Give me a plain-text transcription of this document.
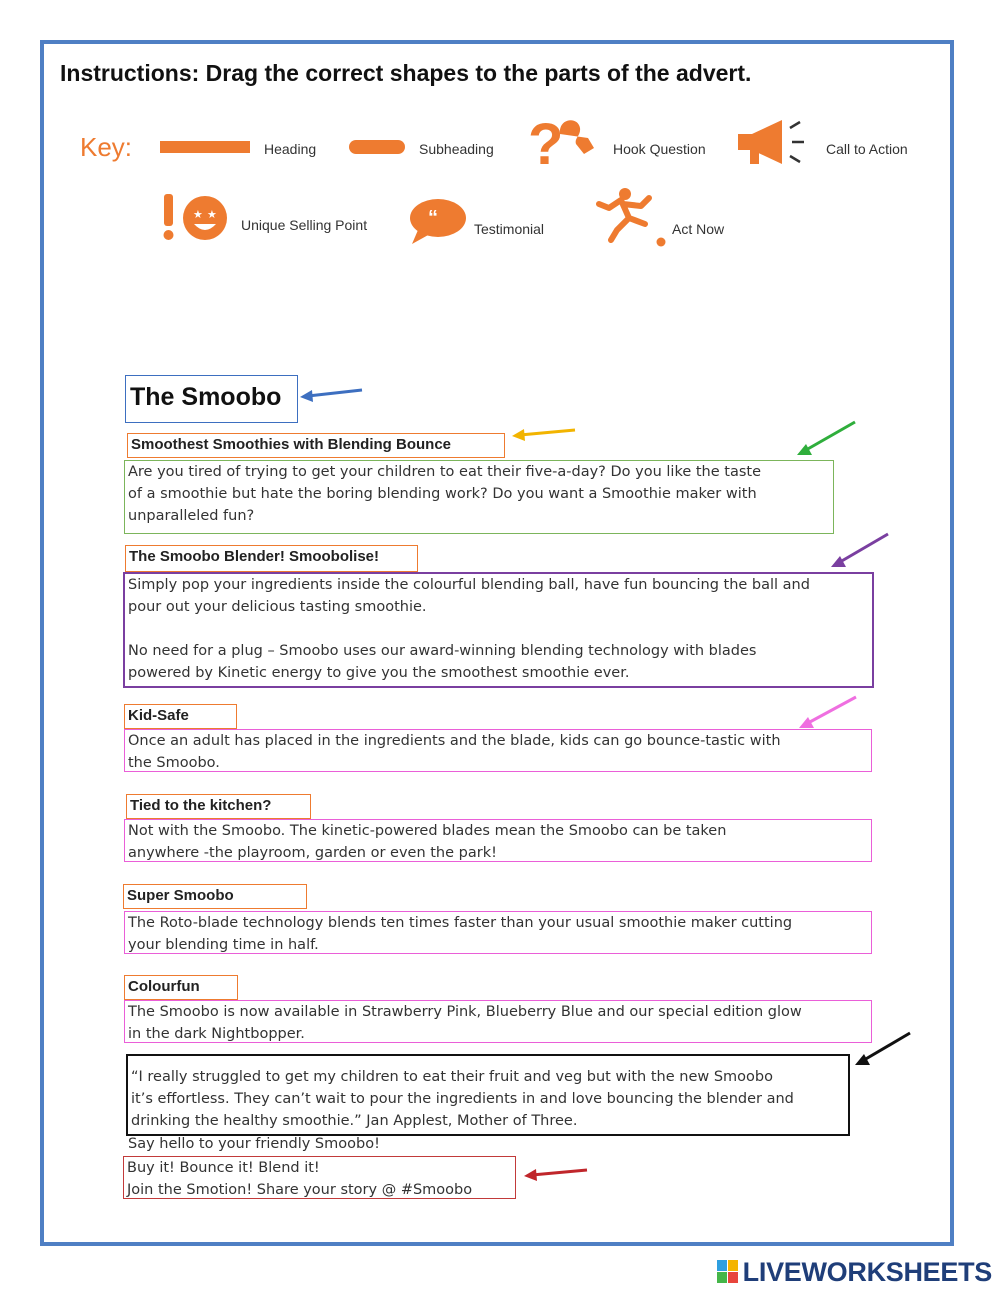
Instructions: Drag the correct shapes to the parts of the advert.
Key:	Heading	Subheading ?	Hook Question	Call to Action
★ ★
Unique Selling Point	“	Testimonial	Act Now
The Smoobo
Smoothest Smoothies with Blending Bounce
Are you tired of trying to get your children to eat their five-a-day? Do you like the taste
of a smoothie but hate the boring blending work? Do you want a Smoothie maker with
unparalleled fun?
The Smoobo Blender! Smoobolise!
Simply pop your ingredients inside the colourful blending ball, have fun bouncing the ball and
pour out your delicious tasting smoothie.
No need for a plug – Smoobo uses our award-winning blending technology with blades
powered by Kinetic energy to give you the smoothest smoothie ever.
Kid-Safe
Once an adult has placed in the ingredients and the blade, kids can go bounce-tastic with
the Smoobo.
Tied to the kitchen?
Not with the Smoobo. The kinetic-powered blades mean the Smoobo can be taken
anywhere -the playroom, garden or even the park!
Super Smoobo
The Roto-blade technology blends ten times faster than your usual smoothie maker cutting
your blending time in half.
Colourfun
The Smoobo is now available in Strawberry Pink, Blueberry Blue and our special edition glow
in the dark Nightbopper.
“I really struggled to get my children to eat their fruit and veg but with the new Smoobo
it’s effortless. They can’t wait to pour the ingredients in and love bouncing the blender and
drinking the healthy smoothie.” Jan Applest, Mother of Three.
Say hello to your friendly Smoobo!
Buy it! Bounce it! Blend it!
Join the Smotion! Share your story @ #Smoobo
LIVEWORKSHEETS
